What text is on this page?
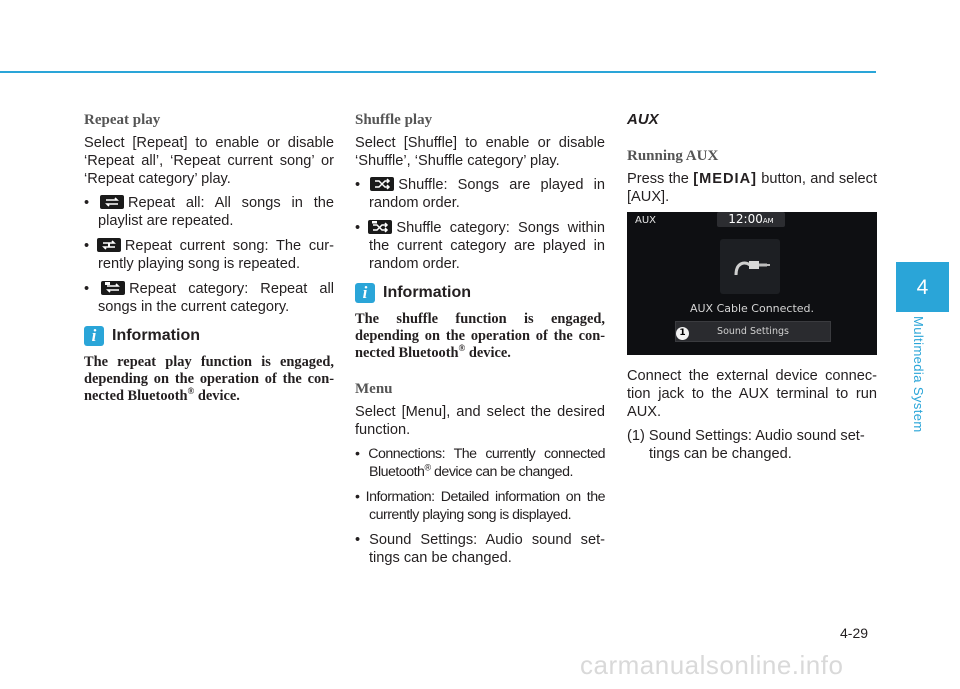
Repeat play

Select [Repeat] to enable or disable ‘Repeat all’, ‘Repeat current song’ or ‘Repeat category’ play.

•
Repeat all: All songs in the playlist are repeated.
•
Repeat current song: The cur- rently playing song is repeated.
•
Repeat category: Repeat all songs in the current category.
i Information

The repeat play function is engaged, depending on the operation of the con- nected Bluetooth® device.

Shuffle play

Select [Shuffle] to enable or disable ‘Shuffle’, ‘Shuffle category’ play.

•
Shuffle: Songs are played in random order.
•
Shuffle category: Songs within the current category are played in random order.
i Information

The shuffle function is engaged, depending on the operation of the con- nected Bluetooth® device.

Menu

Select [Menu], and select the desired function.

• Connections: The currently connected Bluetooth® device can be changed.
• Information: Detailed information on the currently playing song is displayed.
• Sound Settings: Audio sound set- tings can be changed.
AUX
Running AUX

Press the [MEDIA] button, and select [AUX].

AUX	12:00AM
AUX Cable Connected.
Sound Settings
1

Connect the external device connec- tion jack to the AUX terminal to run AUX.

(1) Sound Settings: Audio sound set- tings can be changed.

4
Multimedia System
4-29
carmanualsonline.info
